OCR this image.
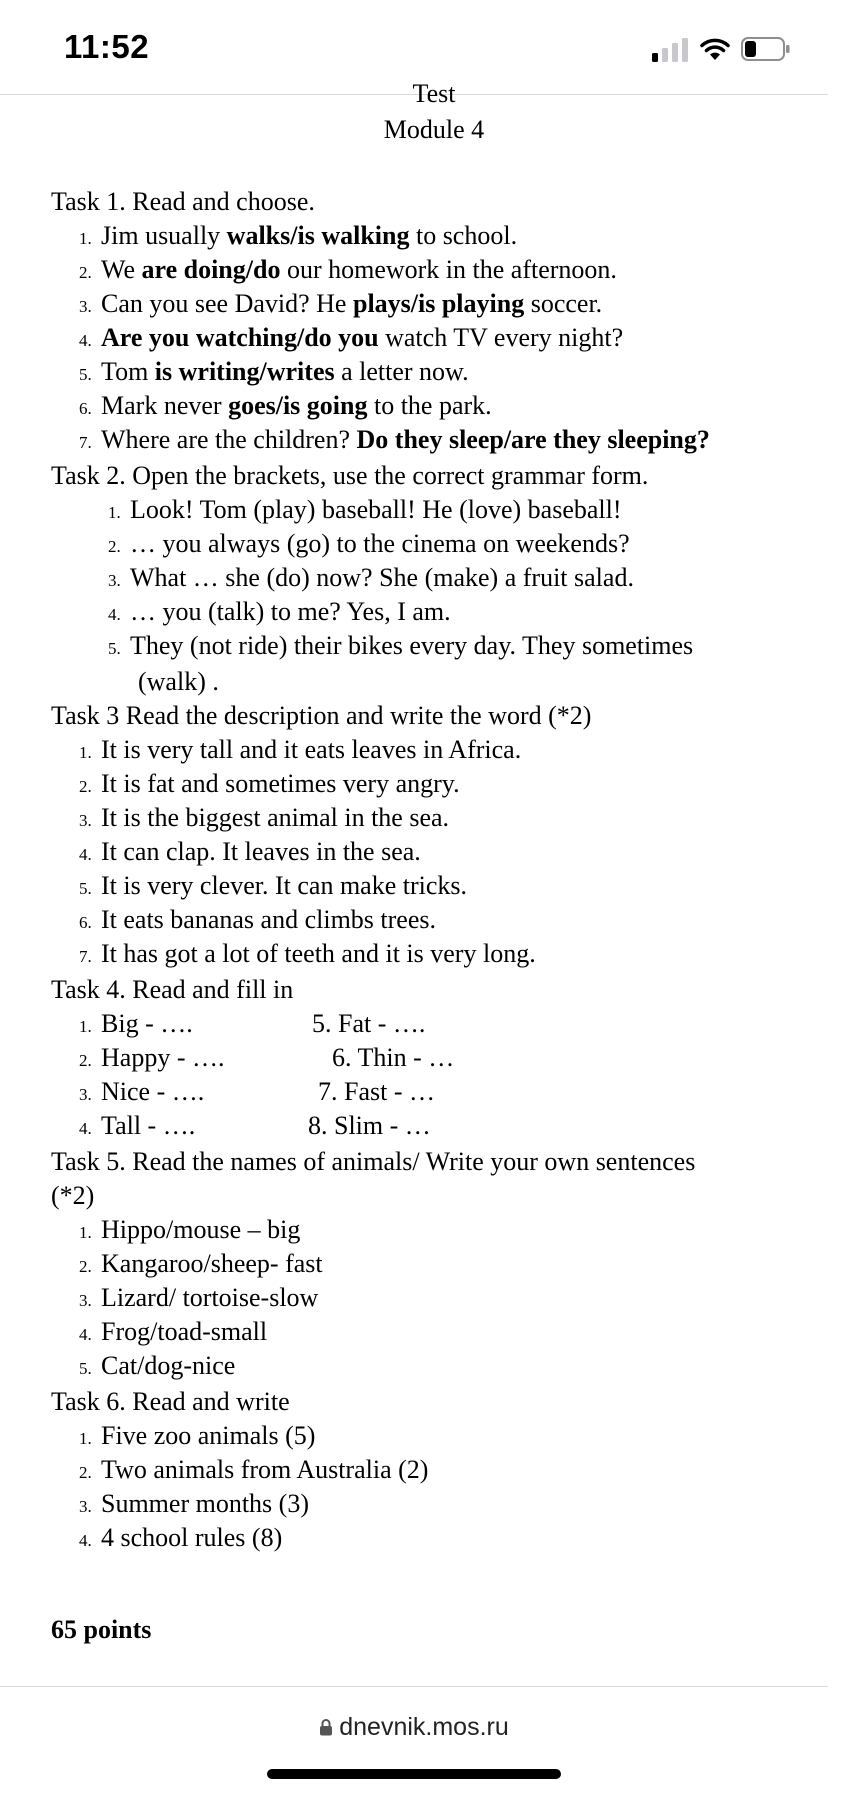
11:52
Test
Module 4
Task 1. Read and choose.
Task 2. Open the brackets, use the correct grammar form.
(walk) .
Task 3 Read the description and write the word (*2)
Task 4. Read and fill in
Task 5. Read the names of animals/ Write your own sentences
(*2)
Task 6. Read and write
65 points
1. Jim usually walks/is walking to school.
2. We are doing/do our homework in the afternoon.
3. Can you see David? He plays/is playing soccer.
4. Are you watching/do you watch TV every night?
5. Tom is writing/writes a letter now.
6. Mark never goes/is going to the park.
7. Where are the children? Do they sleep/are they sleeping?
1. Look! Tom (play) baseball! He (love) baseball!
2. … you always (go) to the cinema on weekends?
3. What … she (do) now? She (make) a fruit salad.
4. … you (talk) to me? Yes, I am.
5. They (not ride) their bikes every day. They sometimes
1. It is very tall and it eats leaves in Africa.
2. It is fat and sometimes very angry.
3. It is the biggest animal in the sea.
4. It can clap. It leaves in the sea.
5. It is very clever. It can make tricks.
6. It eats bananas and climbs trees.
7. It has got a lot of teeth and it is very long.
1. Hippo/mouse – big
2. Kangaroo/sheep- fast
3. Lizard/ tortoise-slow
4. Frog/toad-small
5. Cat/dog-nice
1. Five zoo animals (5)
2. Two animals from Australia (2)
3. Summer months (3)
4. 4 school rules (8)
1. Big - ….	5. Fat - ….
2. Happy - ….	6. Thin - …
3. Nice - ….	7. Fast - …
4. Tall - ….	8. Slim - …
dnevnik.mos.ru
